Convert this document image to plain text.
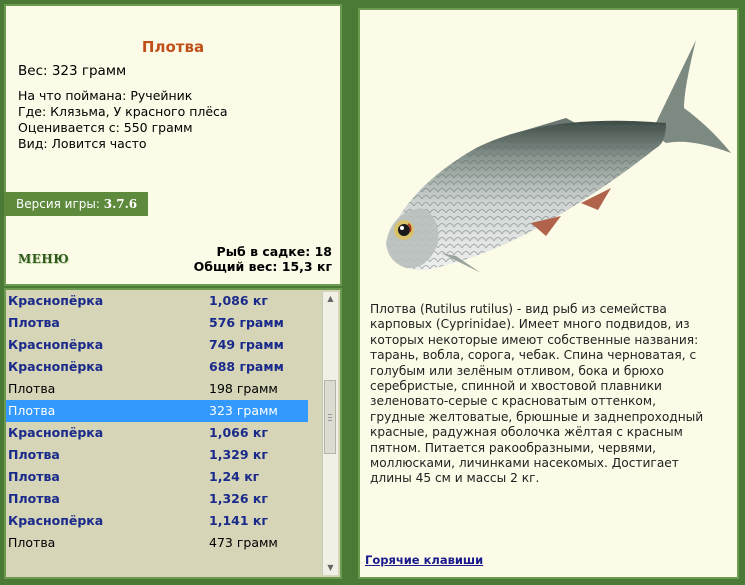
Плотва
Вес: 323 грамм
На что поймана: Ручейник
Где: Клязьма, У красного плёса
Оценивается с: 550 грамм
Вид: Ловится часто
Версия игры: 3.7.6
МЕНЮ	Рыб в садке: 18
Общий вес: 15,3 кг
Краснопёрка	1,086 кг
Плотва	576 грамм
Краснопёрка	749 грамм
Краснопёрка	688 грамм
Плотва	198 грамм
Плотва	323 грамм
Краснопёрка	1,066 кг
Плотва	1,329 кг
Плотва	1,24 кг
Плотва	1,326 кг
Краснопёрка	1,141 кг
Плотва	473 грамм
▲
▼
Плотва (Rutilus rutilus) - вид рыб из семейства карповых (Cyprinidae). Имеет много подвидов, из которых некоторые имеют собственные названия: тарань, вобла, сорога, чебак. Спина черноватая, с голубым или зелёным отливом, бока и брюхо серебристые, спинной и хвостовой плавники зеленовато-серые с красноватым оттенком, грудные желтоватые, брюшные и заднепроходный красные, радужная оболочка жёлтая с красным пятном. Питается ракообразными, червями, моллюсками, личинками насекомых. Достигает длины 45 см и массы 2 кг.
Горячие клавиши
